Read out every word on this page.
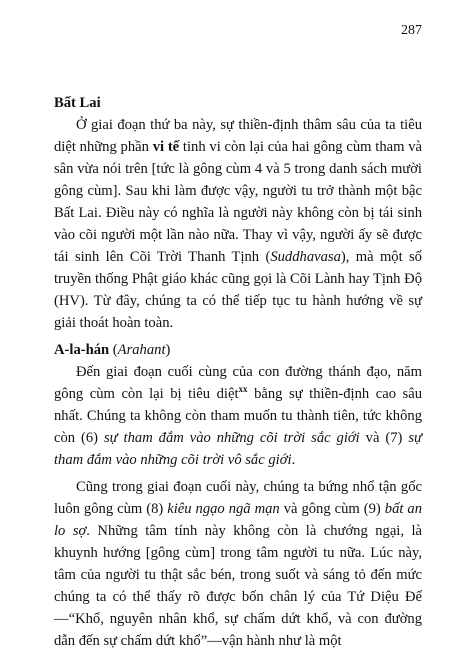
287

Bất Lai

Ở giai đoạn thứ ba này, sự thiền-định thâm sâu của ta tiêu diệt những phần vi tế tinh vi còn lại của hai gông cùm tham và sân vừa nói trên [tức là gông cùm 4 và 5 trong danh sách mười gông cùm]. Sau khi làm được vậy, người tu trở thành một bậc Bất Lai. Điều này có nghĩa là người này không còn bị tái sinh vào cõi người một lần nào nữa. Thay vì vậy, người ấy sẽ được tái sinh lên Cõi Trời Thanh Tịnh (Suddhavasa), mà một số truyền thống Phật giáo khác cũng gọi là Cõi Lành hay Tịnh Độ (HV). Từ đây, chúng ta có thể tiếp tục tu hành hướng về sự giải thoát hoàn toàn.

A-la-hán (Arahant)

Đến giai đoạn cuối cùng của con đường thánh đạo, năm gông cùm còn lại bị tiêu diệt$^{xx}$ bằng sự thiền-định cao sâu nhất. Chúng ta không còn tham muốn tu thành tiên, tức không còn (6) sự tham đắm vào những cõi trời sắc giới và (7) sự tham đắm vào những cõi trời vô sắc giới.

Cũng trong giai đoạn cuối này, chúng ta bứng nhổ tận gốc luôn gông cùm (8) kiêu ngạo ngã mạn và gông cùm (9) bất an lo sợ. Những tâm tính này không còn là chướng ngại, là khuynh hướng [gông cùm] trong tâm người tu nữa. Lúc này, tâm của người tu thật sắc bén, trong suốt và sáng tỏ đến mức chúng ta có thể thấy rõ được bốn chân lý của Tứ Diệu Đế—“Khổ, nguyên nhân khổ, sự chấm dứt khổ, và con đường dẫn đến sự chấm dứt khổ”—vận hành như là một
